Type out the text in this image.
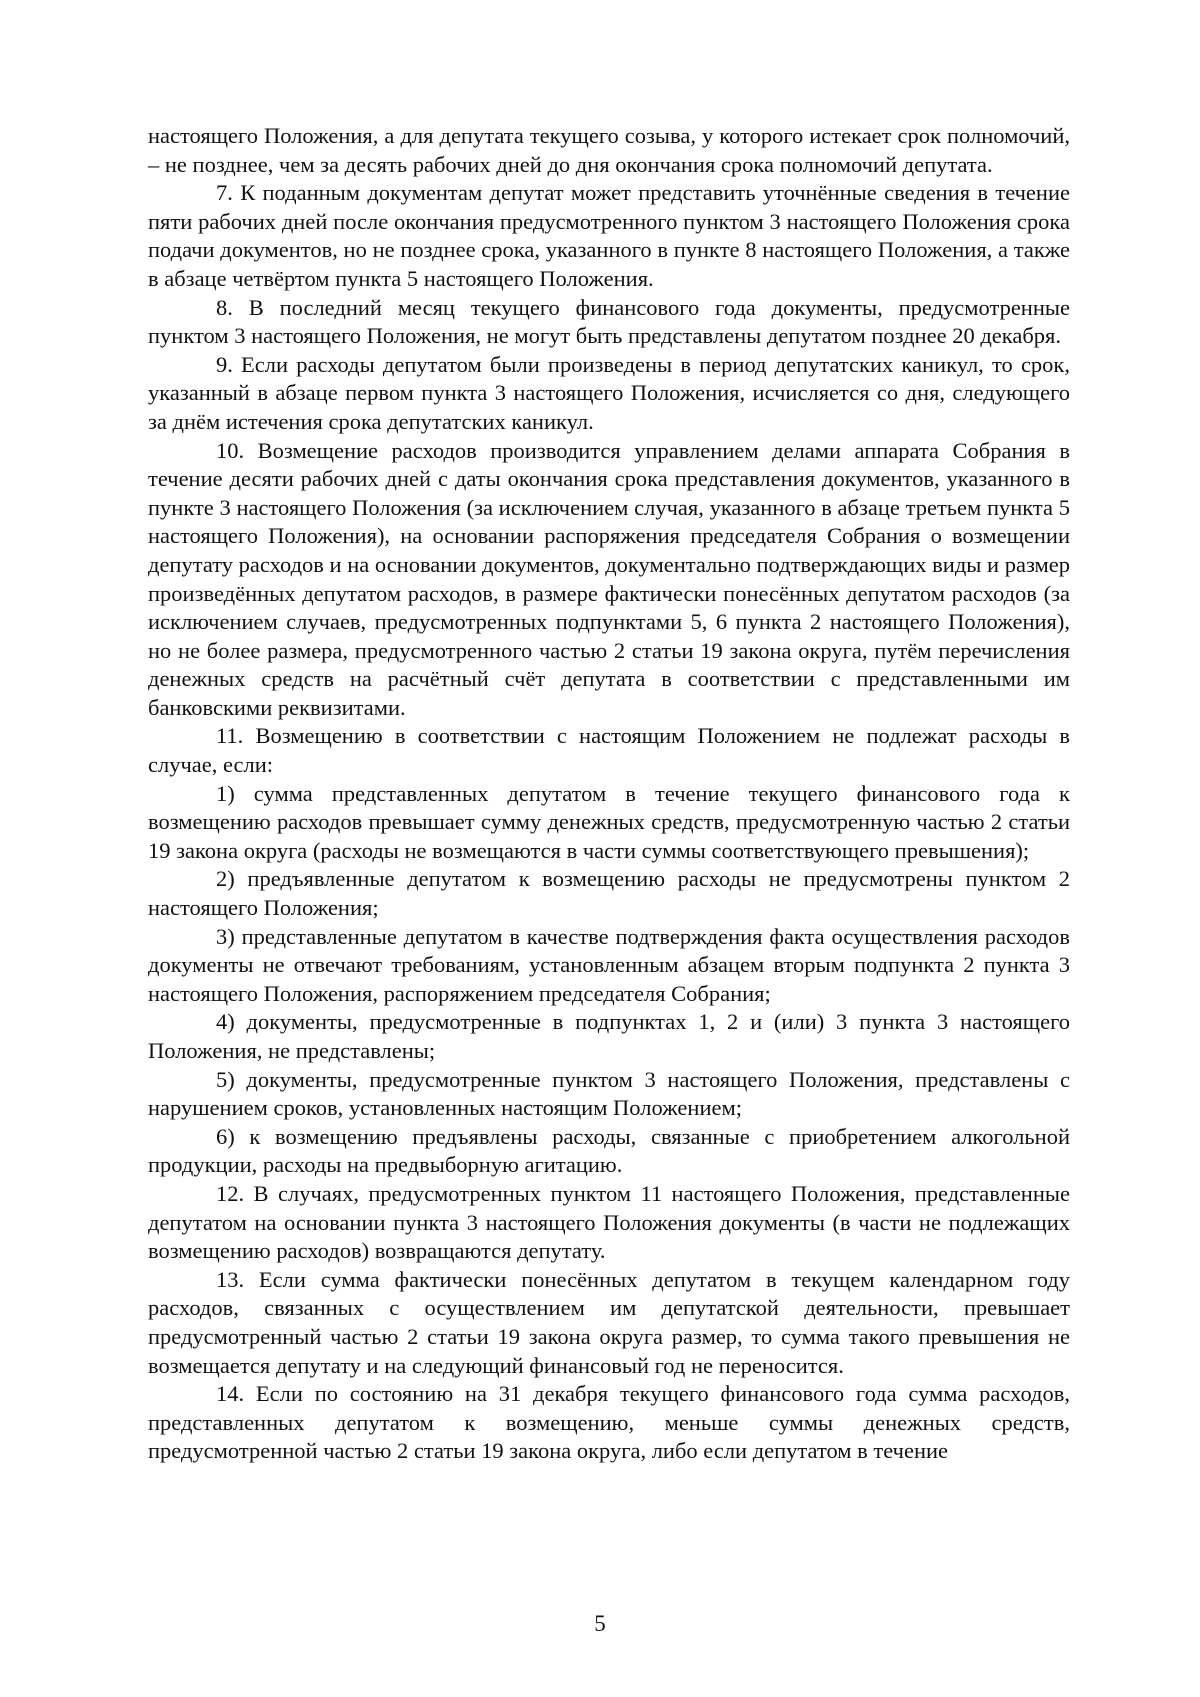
настоящего Положения, а для депутата текущего созыва, у которого истекает срок полномочий, – не позднее, чем за десять рабочих дней до дня окончания срока полномочий депутата.

7. К поданным документам депутат может представить уточнённые сведения в течение пяти рабочих дней после окончания предусмотренного пунктом 3 настоящего Положения срока подачи документов, но не позднее срока, указанного в пункте 8 настоящего Положения, а также в абзаце четвёртом пункта 5 настоящего Положения.

8. В последний месяц текущего финансового года документы, предусмотренные пунктом 3 настоящего Положения, не могут быть представлены депутатом позднее 20 декабря.

9. Если расходы депутатом были произведены в период депутатских каникул, то срок, указанный в абзаце первом пункта 3 настоящего Положения, исчисляется со дня, следующего за днём истечения срока депутатских каникул.

10. Возмещение расходов производится управлением делами аппарата Собрания в течение десяти рабочих дней с даты окончания срока представления документов, указанного в пункте 3 настоящего Положения (за исключением случая, указанного в абзаце третьем пункта 5 настоящего Положения), на основании распоряжения председателя Собрания о возмещении депутату расходов и на основании документов, документально подтверждающих виды и размер произведённых депутатом расходов, в размере фактически понесённых депутатом расходов (за исключением случаев, предусмотренных подпунктами 5, 6 пункта 2 настоящего Положения), но не более размера, предусмотренного частью 2 статьи 19 закона округа, путём перечисления денежных средств на расчётный счёт депутата в соответствии с представленными им банковскими реквизитами.

11. Возмещению в соответствии с настоящим Положением не подлежат расходы в случае, если:

1) сумма представленных депутатом в течение текущего финансового года к возмещению расходов превышает сумму денежных средств, предусмотренную частью 2 статьи 19 закона округа (расходы не возмещаются в части суммы соответствующего превышения);

2) предъявленные депутатом к возмещению расходы не предусмотрены пунктом 2 настоящего Положения;

3) представленные депутатом в качестве подтверждения факта осуществления расходов документы не отвечают требованиям, установленным абзацем вторым подпункта 2 пункта 3 настоящего Положения, распоряжением председателя Собрания;

4) документы, предусмотренные в подпунктах 1, 2 и (или) 3 пункта 3 настоящего Положения, не представлены;

5) документы, предусмотренные пунктом 3 настоящего Положения, представлены с нарушением сроков, установленных настоящим Положением;

6) к возмещению предъявлены расходы, связанные с приобретением алкогольной продукции, расходы на предвыборную агитацию.

12. В случаях, предусмотренных пунктом 11 настоящего Положения, представленные депутатом на основании пункта 3 настоящего Положения документы (в части не подлежащих возмещению расходов) возвращаются депутату.

13. Если сумма фактически понесённых депутатом в текущем календарном году расходов, связанных с осуществлением им депутатской деятельности, превышает предусмотренный частью 2 статьи 19 закона округа размер, то сумма такого превышения не возмещается депутату и на следующий финансовый год не переносится.

14. Если по состоянию на 31 декабря текущего финансового года сумма расходов, представленных депутатом к возмещению, меньше суммы денежных средств, предусмотренной частью 2 статьи 19 закона округа, либо если депутатом в течение

5
